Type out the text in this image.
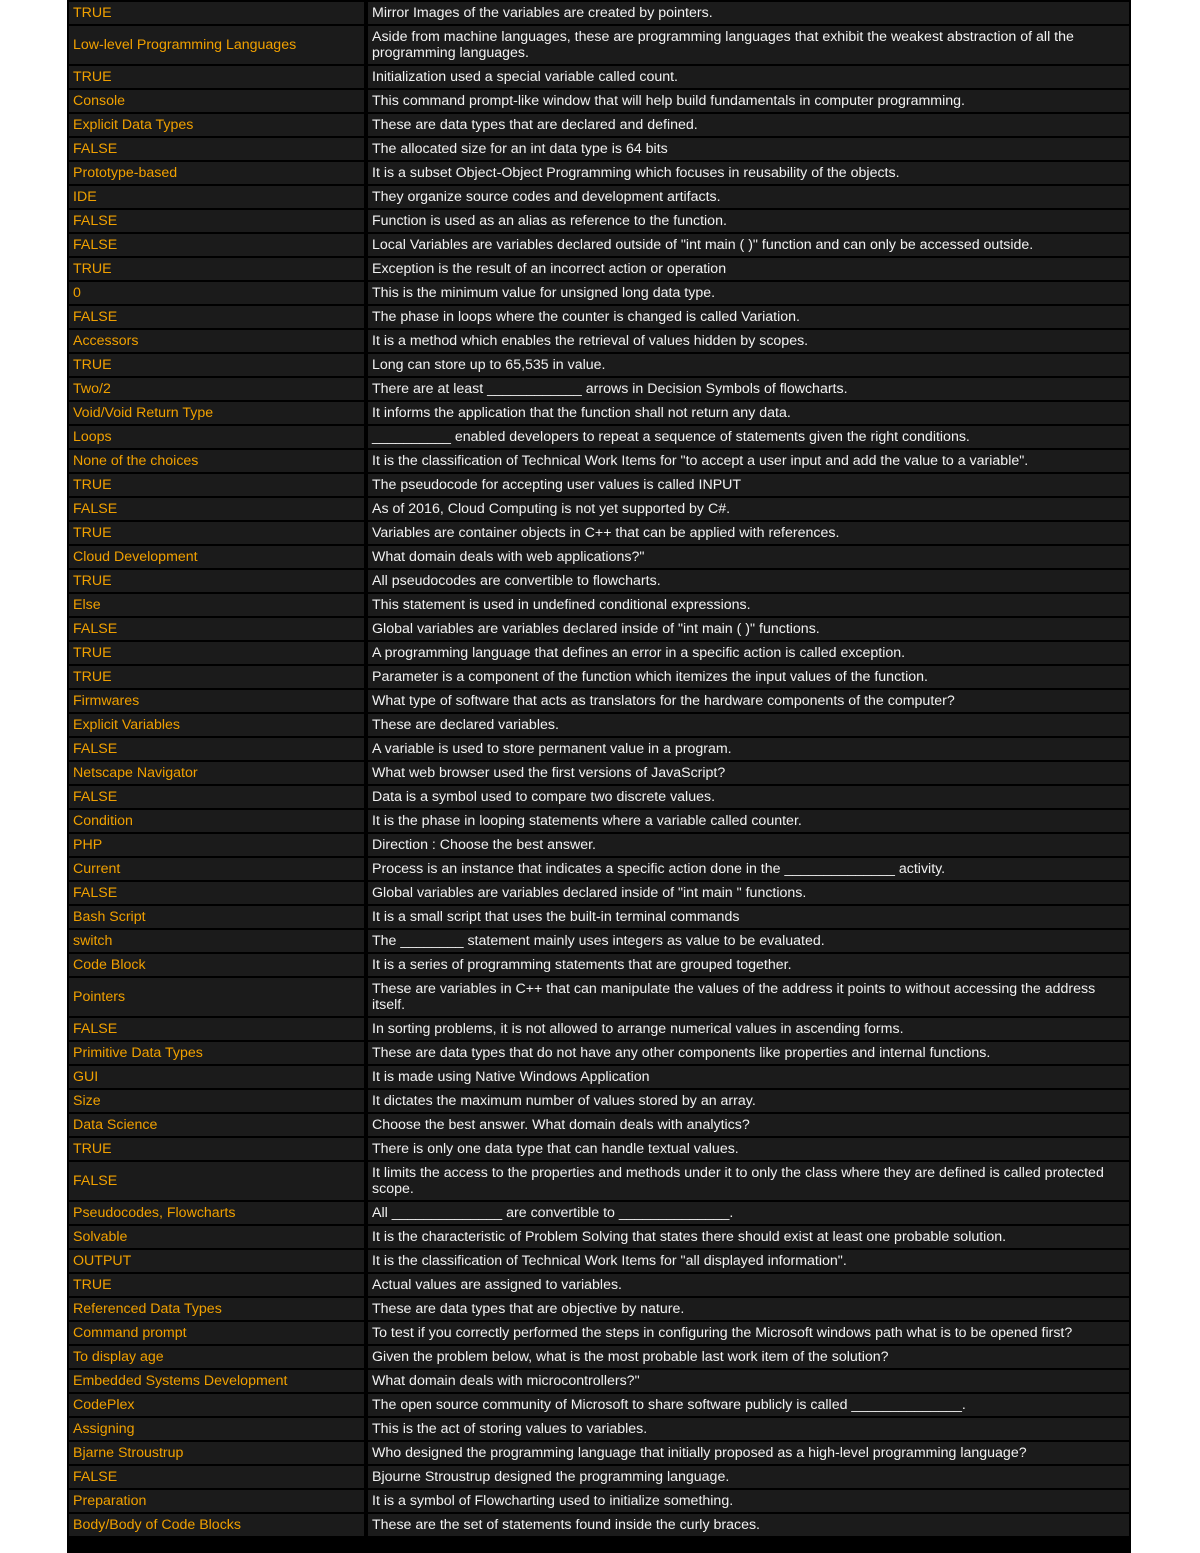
TRUE	Mirror Images of the variables are created by pointers.
Low-level Programming Languages	Aside from machine languages, these are programming languages that exhibit the weakest abstraction of all the programming languages.
TRUE	Initialization used a special variable called count.
Console	This command prompt-like window that will help build fundamentals in computer programming.
Explicit Data Types	These are data types that are declared and defined.
FALSE	The allocated size for an int data type is 64 bits
Prototype-based	It is a subset Object-Object Programming which focuses in reusability of the objects.
IDE	They organize source codes and development artifacts.
FALSE	Function is used as an alias as reference to the function.
FALSE	Local Variables are variables declared outside of "int main ( )" function and can only be accessed outside.
TRUE	Exception is the result of an incorrect action or operation
0	This is the minimum value for unsigned long data type.
FALSE	The phase in loops where the counter is changed is called Variation.
Accessors	It is a method which enables the retrieval of values hidden by scopes.
TRUE	Long can store up to 65,535 in value.
Two/2	There are at least ____________ arrows in Decision Symbols of flowcharts.
Void/Void Return Type	It informs the application that the function shall not return any data.
Loops	__________ enabled developers to repeat a sequence of statements given the right conditions.
None of the choices	It is the classification of Technical Work Items for "to accept a user input and add the value to a variable".
TRUE	The pseudocode for accepting user values is called INPUT
FALSE	As of 2016, Cloud Computing is not yet supported by C#.
TRUE	Variables are container objects in C++ that can be applied with references.
Cloud Development	What domain deals with web applications?"
TRUE	All pseudocodes are convertible to flowcharts.
Else	This statement is used in undefined conditional expressions.
FALSE	Global variables are variables declared inside of "int main ( )" functions.
TRUE	A programming language that defines an error in a specific action is called exception.
TRUE	Parameter is a component of the function which itemizes the input values of the function.
Firmwares	What type of software that acts as translators for the hardware components of the computer?
Explicit Variables	These are declared variables.
FALSE	A variable is used to store permanent value in a program.
Netscape Navigator	What web browser used the first versions of JavaScript?
FALSE	Data is a symbol used to compare two discrete values.
Condition	It is the phase in looping statements where a variable called counter.
PHP	Direction : Choose the best answer.
Current	Process is an instance that indicates a specific action done in the ______________ activity.
FALSE	Global variables are variables declared inside of "int main " functions.
Bash Script	It is a small script that uses the built-in terminal commands
switch	The ________ statement mainly uses integers as value to be evaluated.
Code Block	It is a series of programming statements that are grouped together.
Pointers	These are variables in C++ that can manipulate the values of the address it points to without accessing the address itself.
FALSE	In sorting problems, it is not allowed to arrange numerical values in ascending forms.
Primitive Data Types	These are data types that do not have any other components like properties and internal functions.
GUI	It is made using Native Windows Application
Size	It dictates the maximum number of values stored by an array.
Data Science	Choose the best answer. What domain deals with analytics?
TRUE	There is only one data type that can handle textual values.
FALSE	It limits the access to the properties and methods under it to only the class where they are defined is called protected scope.
Pseudocodes, Flowcharts	All ______________ are convertible to ______________.
Solvable	It is the characteristic of Problem Solving that states there should exist at least one probable solution.
OUTPUT	It is the classification of Technical Work Items for "all displayed information".
TRUE	Actual values are assigned to variables.
Referenced Data Types	These are data types that are objective by nature.
Command prompt	To test if you correctly performed the steps in configuring the Microsoft windows path what is to be opened first?
To display age	Given the problem below, what is the most probable last work item of the solution?
Embedded Systems Development	What domain deals with microcontrollers?"
CodePlex	The open source community of Microsoft to share software publicly is called ______________.
Assigning	This is the act of storing values to variables.
Bjarne Stroustrup	Who designed the programming language that initially proposed as a high-level programming language?
FALSE	Bjourne Stroustrup designed the programming language.
Preparation	It is a symbol of Flowcharting used to initialize something.
Body/Body of Code Blocks	These are the set of statements found inside the curly braces.
